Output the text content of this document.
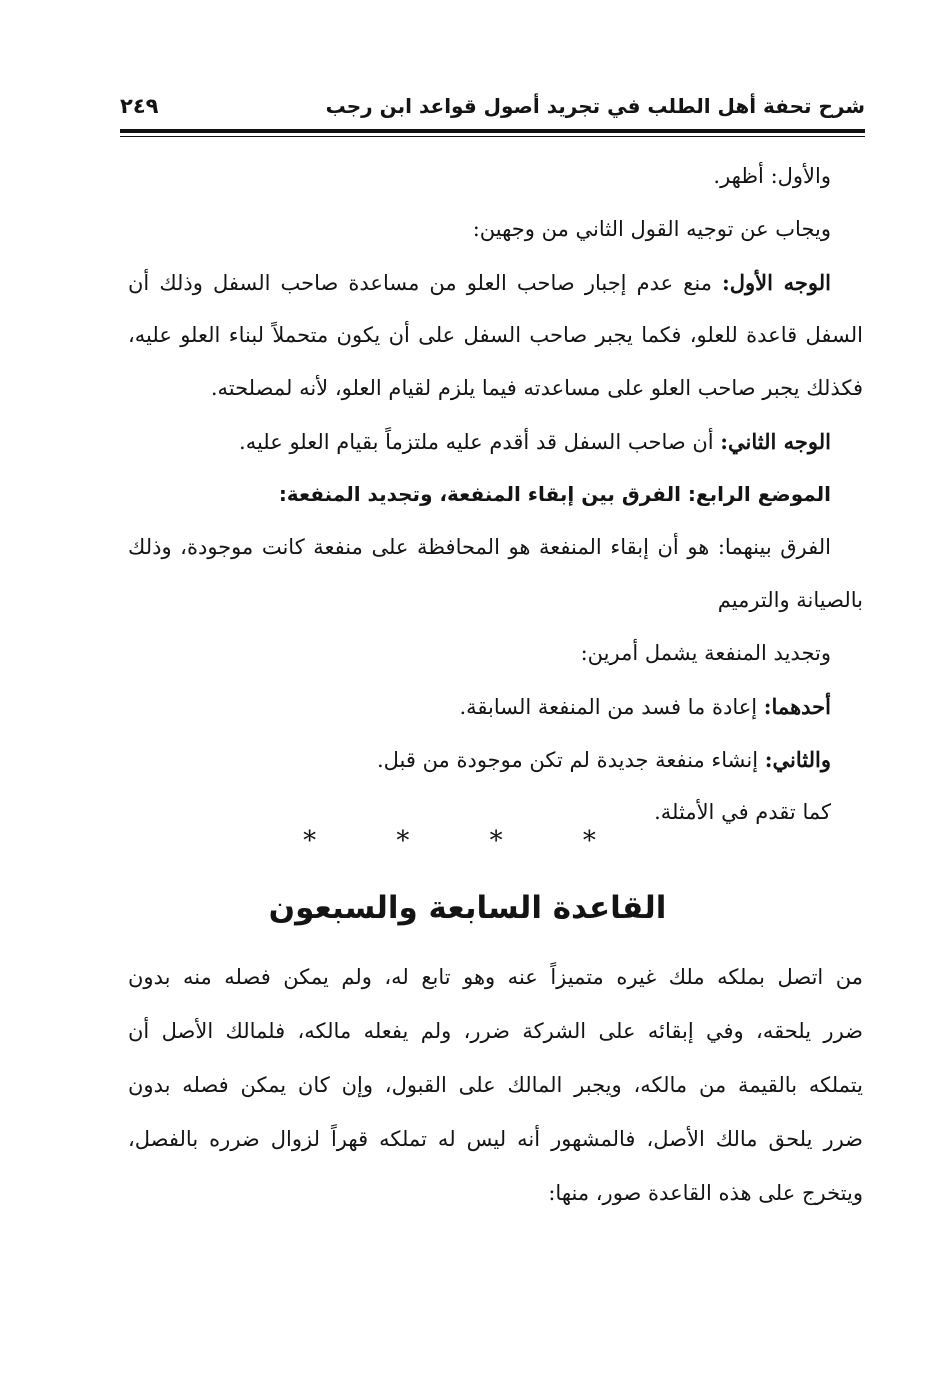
شرح تحفة أهل الطلب في تجريد أصول قواعد ابن رجب
٢٤٩
والأول: أظهر.
ويجاب عن توجيه القول الثاني من وجهين:
الوجه الأول: منع عدم إجبار صاحب العلو من مساعدة صاحب السفل وذلك أن
السفل قاعدة للعلو، فكما يجبر صاحب السفل على أن يكون متحملاً لبناء العلو عليه،
فكذلك يجبر صاحب العلو على مساعدته فيما يلزم لقيام العلو، لأنه لمصلحته.
الوجه الثاني: أن صاحب السفل قد أقدم عليه ملتزماً بقيام العلو عليه.
الموضع الرابع: الفرق بين إبقاء المنفعة، وتجديد المنفعة:
الفرق بينهما: هو أن إبقاء المنفعة هو المحافظة على منفعة كانت موجودة، وذلك
بالصيانة والترميم
وتجديد المنفعة يشمل أمرين:
أحدهما: إعادة ما فسد من المنفعة السابقة.
والثاني: إنشاء منفعة جديدة لم تكن موجودة من قبل.
كما تقدم في الأمثلة.
* * * *
القاعدة السابعة والسبعون
من اتصل بملكه ملك غيره متميزاً عنه وهو تابع له، ولم يمكن فصله منه بدون
ضرر يلحقه، وفي إبقائه على الشركة ضرر، ولم يفعله مالكه، فلمالك الأصل أن
يتملكه بالقيمة من مالكه، ويجبر المالك على القبول، وإن كان يمكن فصله بدون
ضرر يلحق مالك الأصل، فالمشهور أنه ليس له تملكه قهراً لزوال ضرره بالفصل،
ويتخرج على هذه القاعدة صور، منها:
